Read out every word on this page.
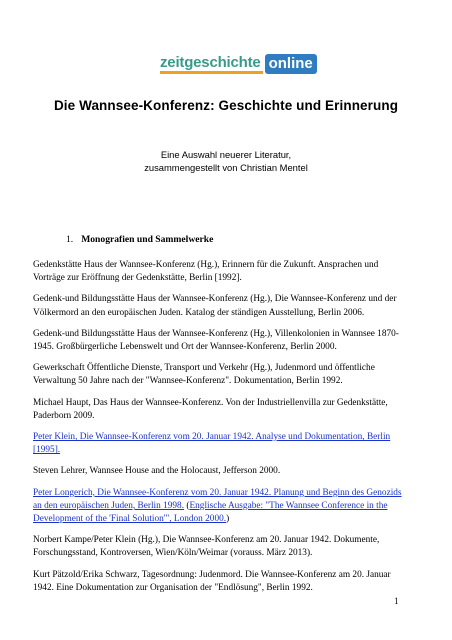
zeitgeschichte online
Die Wannsee-Konferenz: Geschichte und Erinnerung
Eine Auswahl neuerer Literatur,
zusammengestellt von Christian Mentel
1. Monografien und Sammelwerke

Gedenkstätte Haus der Wannsee-Konferenz (Hg.), Erinnern für die Zukunft. Ansprachen und Vorträge zur Eröffnung der Gedenkstätte, Berlin [1992].

Gedenk-und Bildungsstätte Haus der Wannsee-Konferenz (Hg.), Die Wannsee-Konferenz und der Völkermord an den europäischen Juden. Katalog der ständigen Ausstellung, Berlin 2006.

Gedenk-und Bildungsstätte Haus der Wannsee-Konferenz (Hg.), Villenkolonien in Wannsee 1870-1945. Großbürgerliche Lebenswelt und Ort der Wannsee-Konferenz, Berlin 2000.

Gewerkschaft Öffentliche Dienste, Transport und Verkehr (Hg.), Judenmord und öffentliche Verwaltung 50 Jahre nach der "Wannsee-Konferenz". Dokumentation, Berlin 1992.

Michael Haupt, Das Haus der Wannsee-Konferenz. Von der Industriellenvilla zur Gedenkstätte, Paderborn 2009.

Peter Klein, Die Wannsee-Konferenz vom 20. Januar 1942. Analyse und Dokumentation, Berlin [1995].

Steven Lehrer, Wannsee House and the Holocaust, Jefferson 2000.

Peter Longerich, Die Wannsee-Konferenz vom 20. Januar 1942. Planung und Beginn des Genozids an den europäischen Juden, Berlin 1998. (Englische Ausgabe: "The Wannsee Conference in the Development of the 'Final Solution'", London 2000.)

Norbert Kampe/Peter Klein (Hg.), Die Wannsee-Konferenz am 20. Januar 1942. Dokumente, Forschungsstand, Kontroversen, Wien/Köln/Weimar (vorauss. März 2013).

Kurt Pätzold/Erika Schwarz, Tagesordnung: Judenmord. Die Wannsee-Konferenz am 20. Januar 1942. Eine Dokumentation zur Organisation der "Endlösung", Berlin 1992.

1
